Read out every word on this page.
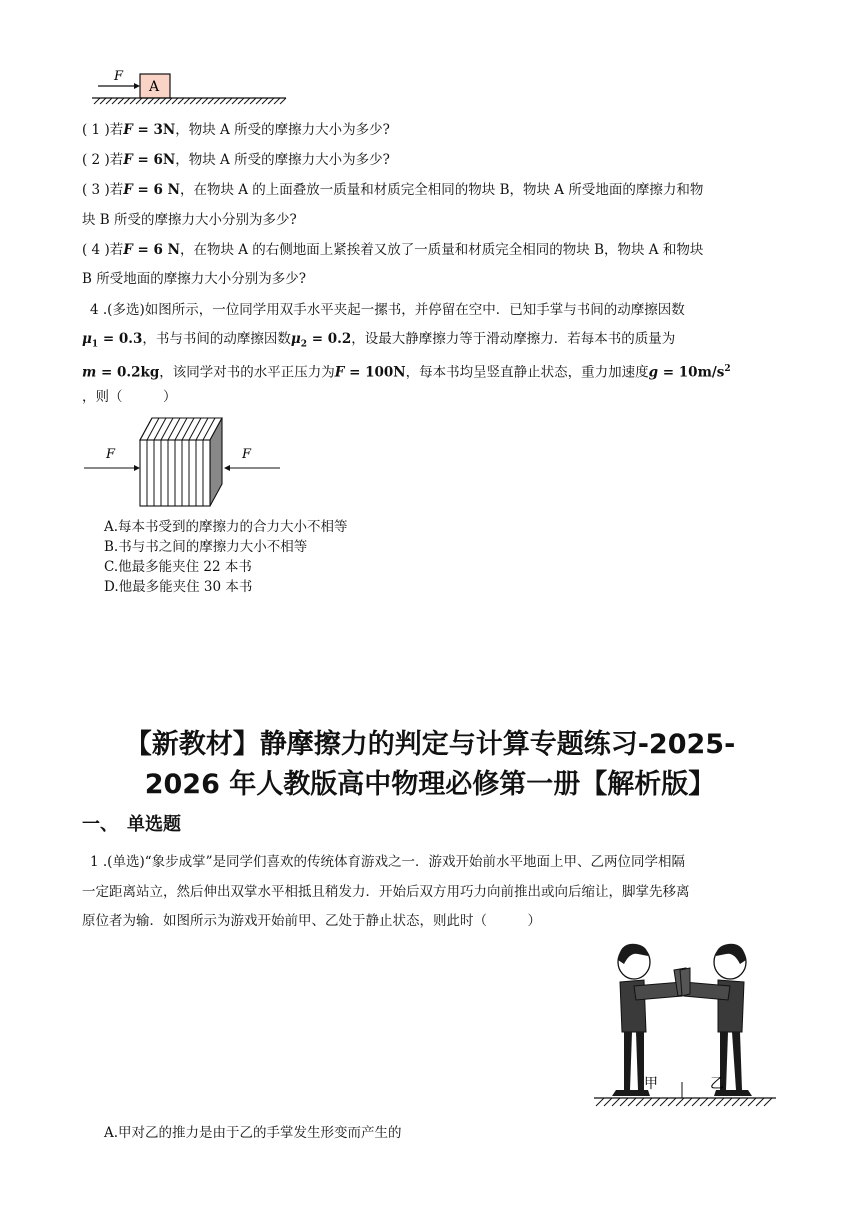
F
A
( 1 )若F = 3N，物块 A 所受的摩擦力大小为多少?
( 2 )若F = 6N，物块 A 所受的摩擦力大小为多少?
( 3 )若F = 6 N，在物块 A 的上面叠放一质量和材质完全相同的物块 B，物块 A 所受地面的摩擦力和物
块 B 所受的摩擦力大小分别为多少?
( 4 )若F = 6 N，在物块 A 的右侧地面上紧挨着又放了一质量和材质完全相同的物块 B，物块 A 和物块
B 所受地面的摩擦力大小分别为多少?
4 .(多选)如图所示，一位同学用双手水平夹起一摞书，并停留在空中．已知手掌与书间的动摩擦因数
$\mu_1 = 0.3$，书与书间的动摩擦因数$\mu_2 = 0.2$，设最大静摩擦力等于滑动摩擦力．若每本书的质量为
m = 0.2kg，该同学对书的水平正压力为F = 100N，每本书均呈竖直静止状态，重力加速度$g = 10m/s^2$
，则（　　　）
F	F
A.每本书受到的摩擦力的合力大小不相等
B.书与书之间的摩擦力大小不相等
C.他最多能夹住 22 本书
D.他最多能夹住 30 本书
【新教材】静摩擦力的判定与计算专题练习-2025-
2026 年人教版高中物理必修第一册【解析版】
一、　单选题
1 .(单选)“象步成掌”是同学们喜欢的传统体育游戏之一．游戏开始前水平地面上甲、乙两位同学相隔
一定距离站立，然后伸出双掌水平相抵且稍发力．开始后双方用巧力向前推出或向后缩让，脚掌先移离
原位者为输．如图所示为游戏开始前甲、乙处于静止状态，则此时（　　　）
甲	乙
A.甲对乙的推力是由于乙的手掌发生形变而产生的
